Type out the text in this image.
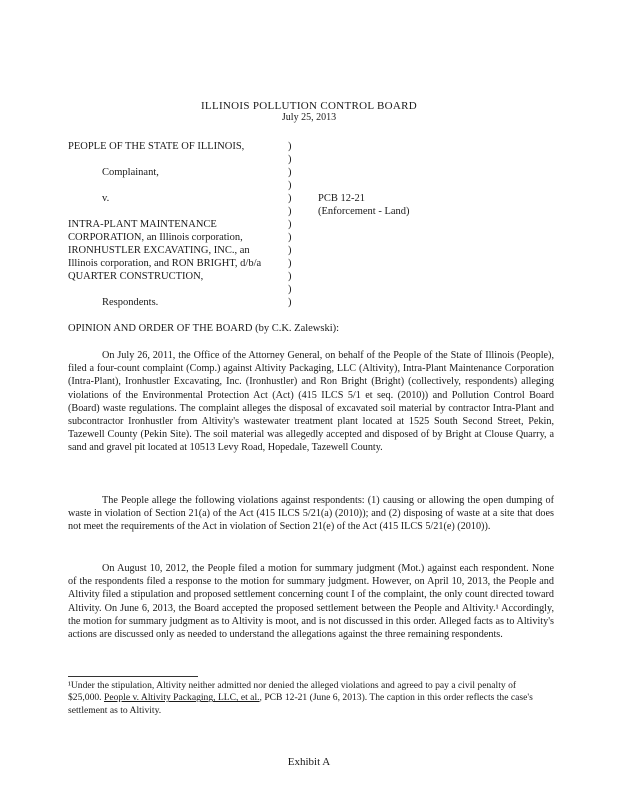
ILLINOIS POLLUTION CONTROL BOARD
July 25, 2013
PEOPLE OF THE STATE OF ILLINOIS,
Complainant,
v.
INTRA-PLANT MAINTENANCE
CORPORATION, an Illinois corporation,
IRONHUSTLER EXCAVATING, INC., an
Illinois corporation, and RON BRIGHT, d/b/a
QUARTER CONSTRUCTION,
Respondents.
)
)
)
)
)
)
)
)
)
)
)
)
)
PCB 12-21
(Enforcement - Land)
OPINION AND ORDER OF THE BOARD (by C.K. Zalewski):
On July 26, 2011, the Office of the Attorney General, on behalf of the People of the State of Illinois (People), filed a four-count complaint (Comp.) against Altivity Packaging, LLC (Altivity), Intra-Plant Maintenance Corporation (Intra-Plant), Ironhustler Excavating, Inc. (Ironhustler) and Ron Bright (Bright) (collectively, respondents) alleging violations of the Environmental Protection Act (Act) (415 ILCS 5/1 et seq. (2010)) and Pollution Control Board (Board) waste regulations. The complaint alleges the disposal of excavated soil material by contractor Intra-Plant and subcontractor Ironhustler from Altivity's wastewater treatment plant located at 1525 South Second Street, Pekin, Tazewell County (Pekin Site). The soil material was allegedly accepted and disposed of by Bright at Clouse Quarry, a sand and gravel pit located at 10513 Levy Road, Hopedale, Tazewell County.
The People allege the following violations against respondents: (1) causing or allowing the open dumping of waste in violation of Section 21(a) of the Act (415 ILCS 5/21(a) (2010)); and (2) disposing of waste at a site that does not meet the requirements of the Act in violation of Section 21(e) of the Act (415 ILCS 5/21(e) (2010)).
On August 10, 2012, the People filed a motion for summary judgment (Mot.) against each respondent. None of the respondents filed a response to the motion for summary judgment. However, on April 10, 2013, the People and Altivity filed a stipulation and proposed settlement concerning count I of the complaint, the only count directed toward Altivity. On June 6, 2013, the Board accepted the proposed settlement between the People and Altivity.¹ Accordingly, the motion for summary judgment as to Altivity is moot, and is not discussed in this order. Alleged facts as to Altivity's actions are discussed only as needed to understand the allegations against the three remaining respondents.
¹Under the stipulation, Altivity neither admitted nor denied the alleged violations and agreed to pay a civil penalty of $25,000. People v. Altivity Packaging, LLC, et al., PCB 12-21 (June 6, 2013). The caption in this order reflects the case's settlement as to Altivity.
Exhibit A
